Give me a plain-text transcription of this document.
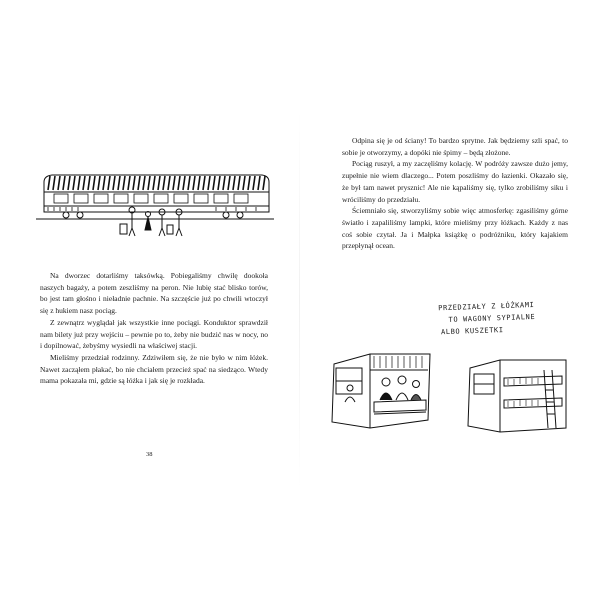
Na dworzec dotarliśmy taksówką. Pobiegaliśmy chwilę dookoła naszych bagaży, a potem zeszliśmy na peron. Nie lubię stać blisko torów, bo jest tam głośno i nieładnie pachnie. Na szczęście już po chwili wtoczył się z hukiem nasz pociąg.

Z zewnątrz wyglądał jak wszystkie inne pociągi. Konduktor sprawdził nam bilety już przy wejściu – pewnie po to, żeby nie budzić nas w nocy, no i dopilnować, żebyśmy wysiedli na właściwej stacji.

Mieliśmy przedział rodzinny. Zdziwiłem się, że nie było w nim łóżek. Nawet zacząłem płakać, bo nie chciałem przecież spać na siedząco. Wtedy mama pokazała mi, gdzie są łóżka i jak się je rozkłada.

38

Odpina się je od ściany! To bardzo sprytne. Jak będziemy szli spać, to sobie je otworzymy, a dopóki nie śpimy – będą złożone.

Pociąg ruszył, a my zaczęliśmy kolację. W podróży zawsze dużo jemy, zupełnie nie wiem dlaczego... Potem poszliśmy do łazienki. Okazało się, że był tam nawet prysznic! Ale nie kąpaliśmy się, tylko zrobiliśmy siku i wróciliśmy do przedziału.

Ściemniało się, stworzyliśmy sobie więc atmosferkę: zgasiliśmy górne światło i zapaliliśmy lampki, które mieliśmy przy łóżkach. Każdy z nas coś sobie czytał. Ja i Małpka książkę o podróżniku, który kajakiem przepłynął ocean.

PRZEDZIAŁY Z ŁÓŻKAMI
TO WAGONY SYPIALNE
ALBO KUSZETKI
